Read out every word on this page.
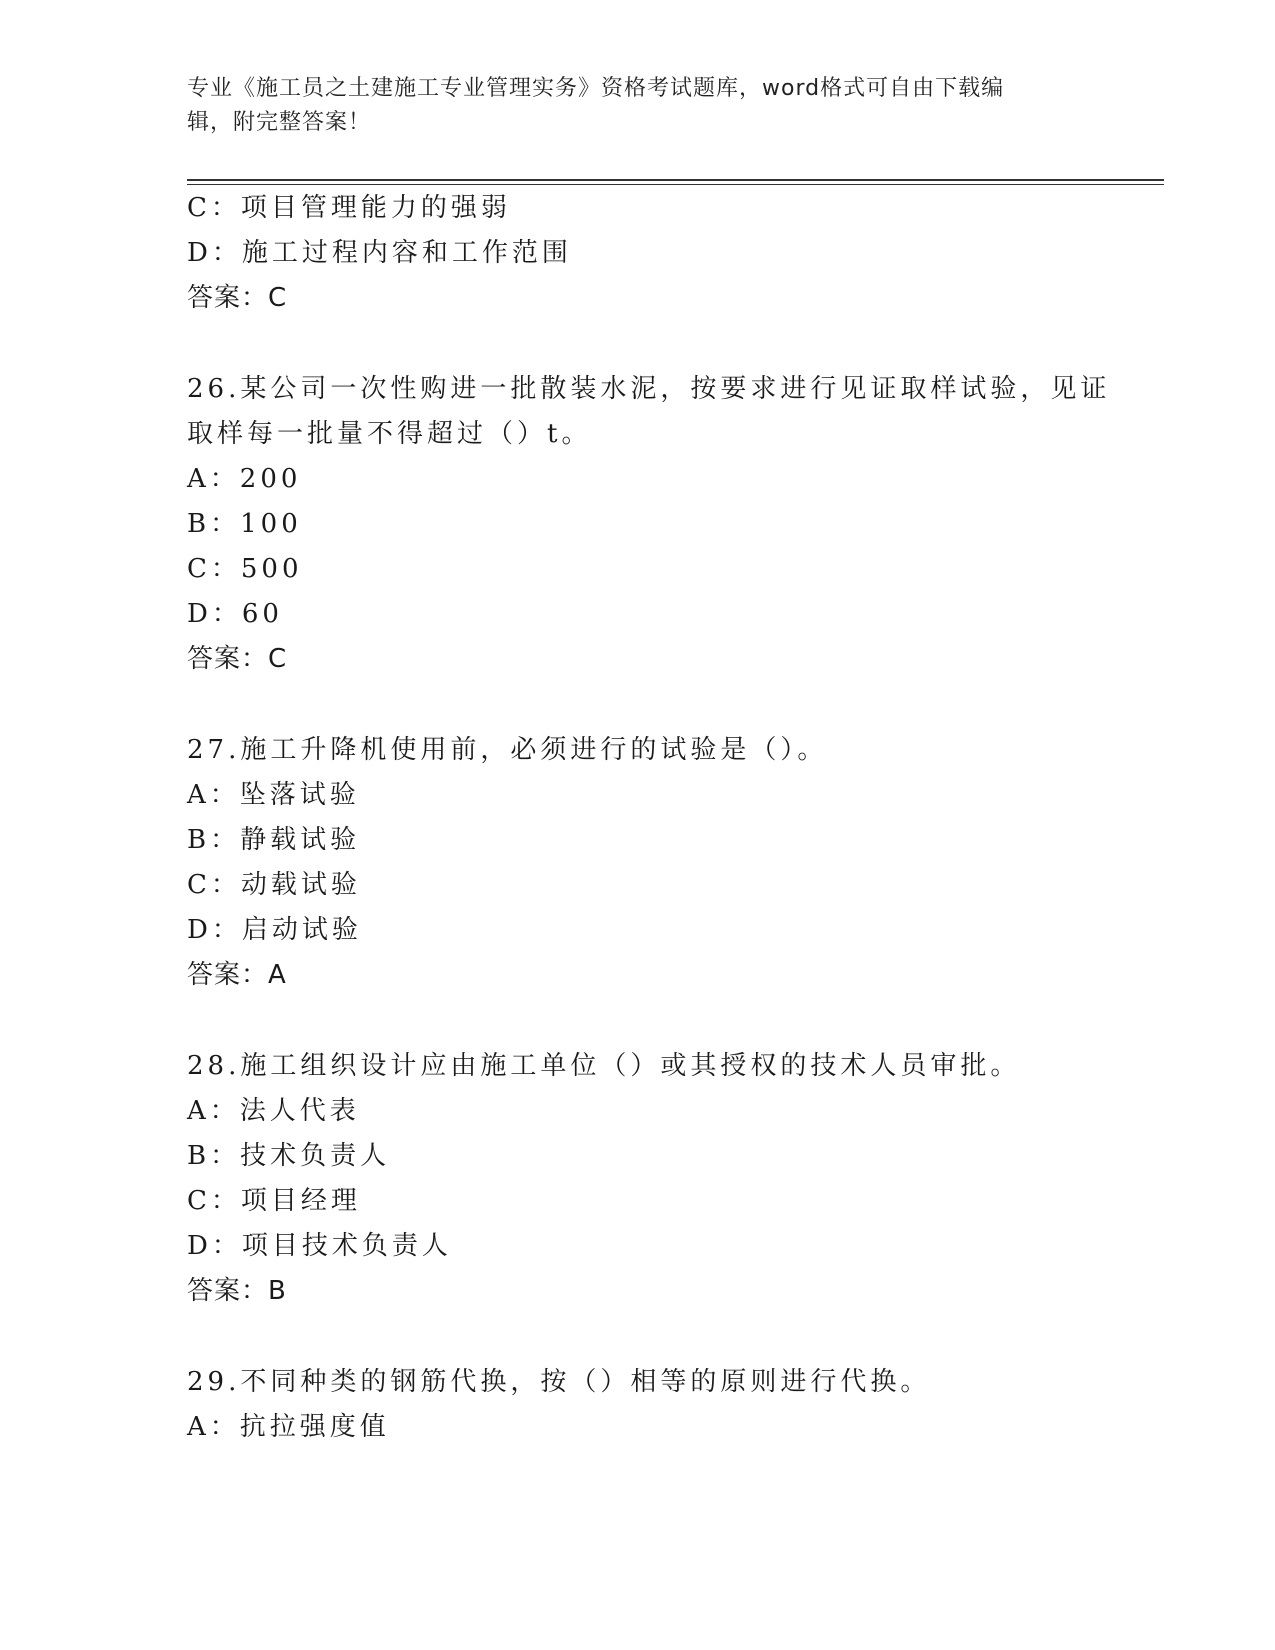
专业《施工员之土建施工专业管理实务》资格考试题库，word格式可自由下载编
辑，附完整答案！
C：项目管理能力的强弱
D：施工过程内容和工作范围
答案：C
26.某公司一次性购进一批散装水泥，按要求进行见证取样试验，见证
取样每一批量不得超过（）t。
A：200
B：100
C：500
D：60
答案：C
27.施工升降机使用前，必须进行的试验是（）。
A：坠落试验
B：静载试验
C：动载试验
D：启动试验
答案：A
28.施工组织设计应由施工单位（）或其授权的技术人员审批。
A：法人代表
B：技术负责人
C：项目经理
D：项目技术负责人
答案：B
29.不同种类的钢筋代换，按（）相等的原则进行代换。
A：抗拉强度值
